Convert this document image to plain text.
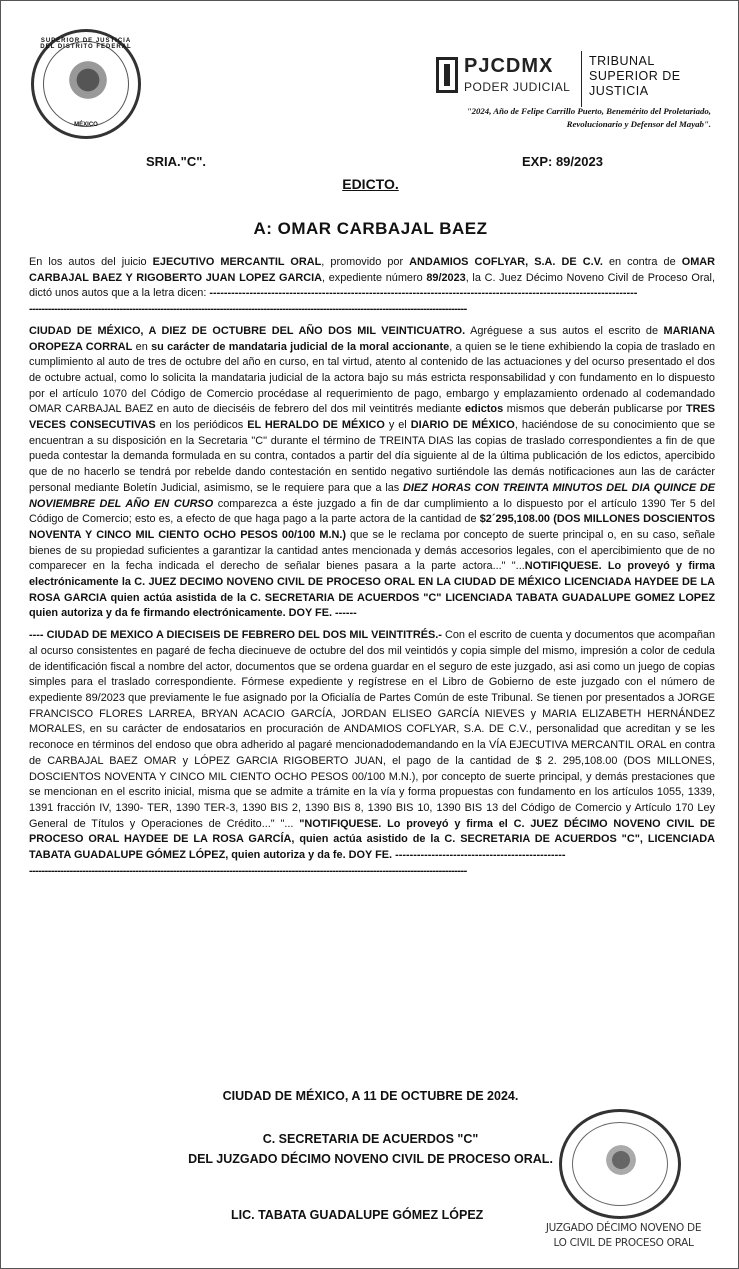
SUPERIOR DE JUSTICIA DEL DISTRITO FEDERAL
MÉXICO
PJCDMX
PODER JUDICIAL
TRIBUNAL
SUPERIOR DE
JUSTICIA
"2024, Año de Felipe Carrillo Puerto, Benemérito del Proletariado,
Revolucionario y Defensor del Mayab".
SRIA."C".	EXP: 89/2023
EDICTO.
A: OMAR CARBAJAL BAEZ

En los autos del juicio EJECUTIVO MERCANTIL ORAL, promovido por ANDAMIOS COFLYAR, S.A. DE C.V. en contra de OMAR CARBAJAL BAEZ Y RIGOBERTO JUAN LOPEZ GARCIA, expediente número 89/2023, la C. Juez Décimo Noveno Civil de Proceso Oral, dictó unos autos que a la letra dicen: ----------------------------------------------------------------------------------------------------------------------

--------------------------------------------------------------------------------------------------------------------------------------------

CIUDAD DE MÉXICO, A DIEZ DE OCTUBRE DEL AÑO DOS MIL VEINTICUATRO. Agréguese a sus autos el escrito de MARIANA OROPEZA CORRAL en su carácter de mandataria judicial de la moral accionante, a quien se le tiene exhibiendo la copia de traslado en cumplimiento al auto de tres de octubre del año en curso, en tal virtud, atento al contenido de las actuaciones y del ocurso presentado el dos de octubre actual, como lo solicita la mandataria judicial de la actora bajo su más estricta responsabilidad y con fundamento en lo dispuesto por el artículo 1070 del Código de Comercio procédase al requerimiento de pago, embargo y emplazamiento ordenado al codemandado OMAR CARBAJAL BAEZ en auto de dieciséis de febrero del dos mil veintitrés mediante edictos mismos que deberán publicarse por TRES VECES CONSECUTIVAS en los periódicos EL HERALDO DE MÉXICO y el DIARIO DE MÉXICO, haciéndose de su conocimiento que se encuentran a su disposición en la Secretaria "C" durante el término de TREINTA DIAS las copias de traslado correspondientes a fin de que pueda contestar la demanda formulada en su contra, contados a partir del día siguiente al de la última publicación de los edictos, apercibido que de no hacerlo se tendrá por rebelde dando contestación en sentido negativo surtiéndole las demás notificaciones aun las de carácter personal mediante Boletín Judicial, asimismo, se le requiere para que a las DIEZ HORAS CON TREINTA MINUTOS DEL DIA QUINCE DE NOVIEMBRE DEL AÑO EN CURSO comparezca a éste juzgado a fin de dar cumplimiento a lo dispuesto por el artículo 1390 Ter 5 del Código de Comercio; esto es, a efecto de que haga pago a la parte actora de la cantidad de $2´295,108.00 (DOS MILLONES DOSCIENTOS NOVENTA Y CINCO MIL CIENTO OCHO PESOS 00/100 M.N.) que se le reclama por concepto de suerte principal o, en su caso, señale bienes de su propiedad suficientes a garantizar la cantidad antes mencionada y demás accesorios legales, con el apercibimiento que de no comparecer en la fecha indicada el derecho de señalar bienes pasara a la parte actora..." "...NOTIFIQUESE. Lo proveyó y firma electrónicamente la C. JUEZ DECIMO NOVENO CIVIL DE PROCESO ORAL EN LA CIUDAD DE MÉXICO LICENCIADA HAYDEE DE LA ROSA GARCIA quien actúa asistida de la C. SECRETARIA DE ACUERDOS "C" LICENCIADA TABATA GUADALUPE GOMEZ LOPEZ quien autoriza y da fe firmando electrónicamente. DOY FE. ------

---- CIUDAD DE MEXICO A DIECISEIS DE FEBRERO DEL DOS MIL VEINTITRÉS.- Con el escrito de cuenta y documentos que acompañan al ocurso consistentes en pagaré de fecha diecinueve de octubre del dos mil veintidós y copia simple del mismo, impresión a color de cedula de identificación fiscal a nombre del actor, documentos que se ordena guardar en el seguro de este juzgado, asi asi como un juego de copias simples para el traslado correspondiente. Fórmese expediente y regístrese en el Libro de Gobierno de este juzgado con el número de expediente 89/2023 que previamente le fue asignado por la Oficialía de Partes Común de este Tribunal. Se tienen por presentados a JORGE FRANCISCO FLORES LARREA, BRYAN ACACIO GARCÍA, JORDAN ELISEO GARCÍA NIEVES y MARIA ELIZABETH HERNÁNDEZ MORALES, en su carácter de endosatarios en procuración de ANDAMIOS COFLYAR, S.A. DE C.V., personalidad que acreditan y se les reconoce en términos del endoso que obra adherido al pagaré mencionadodemandando en la VÍA EJECUTIVA MERCANTIL ORAL en contra de CARBAJAL BAEZ OMAR y LÓPEZ GARCIA RIGOBERTO JUAN, el pago de la cantidad de $ 2. 295,108.00 (DOS MILLONES, DOSCIENTOS NOVENTA Y CINCO MIL CIENTO OCHO PESOS 00/100 M.N.), por concepto de suerte principal, y demás prestaciones que se mencionan en el escrito inicial, misma que se admite a trámite en la vía y forma propuestas con fundamento en los artículos 1055, 1339, 1391 fracción IV, 1390- TER, 1390 TER-3, 1390 BIS 2, 1390 BIS 8, 1390 BIS 10, 1390 BIS 13 del Código de Comercio y Artículo 170 Ley General de Títulos y Operaciones de Crédito..." "... "NOTIFIQUESE. Lo proveyó y firma el C. JUEZ DÉCIMO NOVENO CIVIL DE PROCESO ORAL HAYDEE DE LA ROSA GARCÍA, quien actúa asistido de la C. SECRETARIA DE ACUERDOS "C", LICENCIADA TABATA GUADALUPE GÓMEZ LÓPEZ, quien autoriza y da fe. DOY FE. -----------------------------------------------

--------------------------------------------------------------------------------------------------------------------------------------------
CIUDAD DE MÉXICO, A 11 DE OCTUBRE DE 2024.
C. SECRETARIA DE ACUERDOS "C"
DEL JUZGADO DÉCIMO NOVENO CIVIL DE PROCESO ORAL.
LIC. TABATA GUADALUPE GÓMEZ LÓPEZ
JUZGADO DÉCIMO NOVENO DE
LO CIVIL DE PROCESO ORAL
